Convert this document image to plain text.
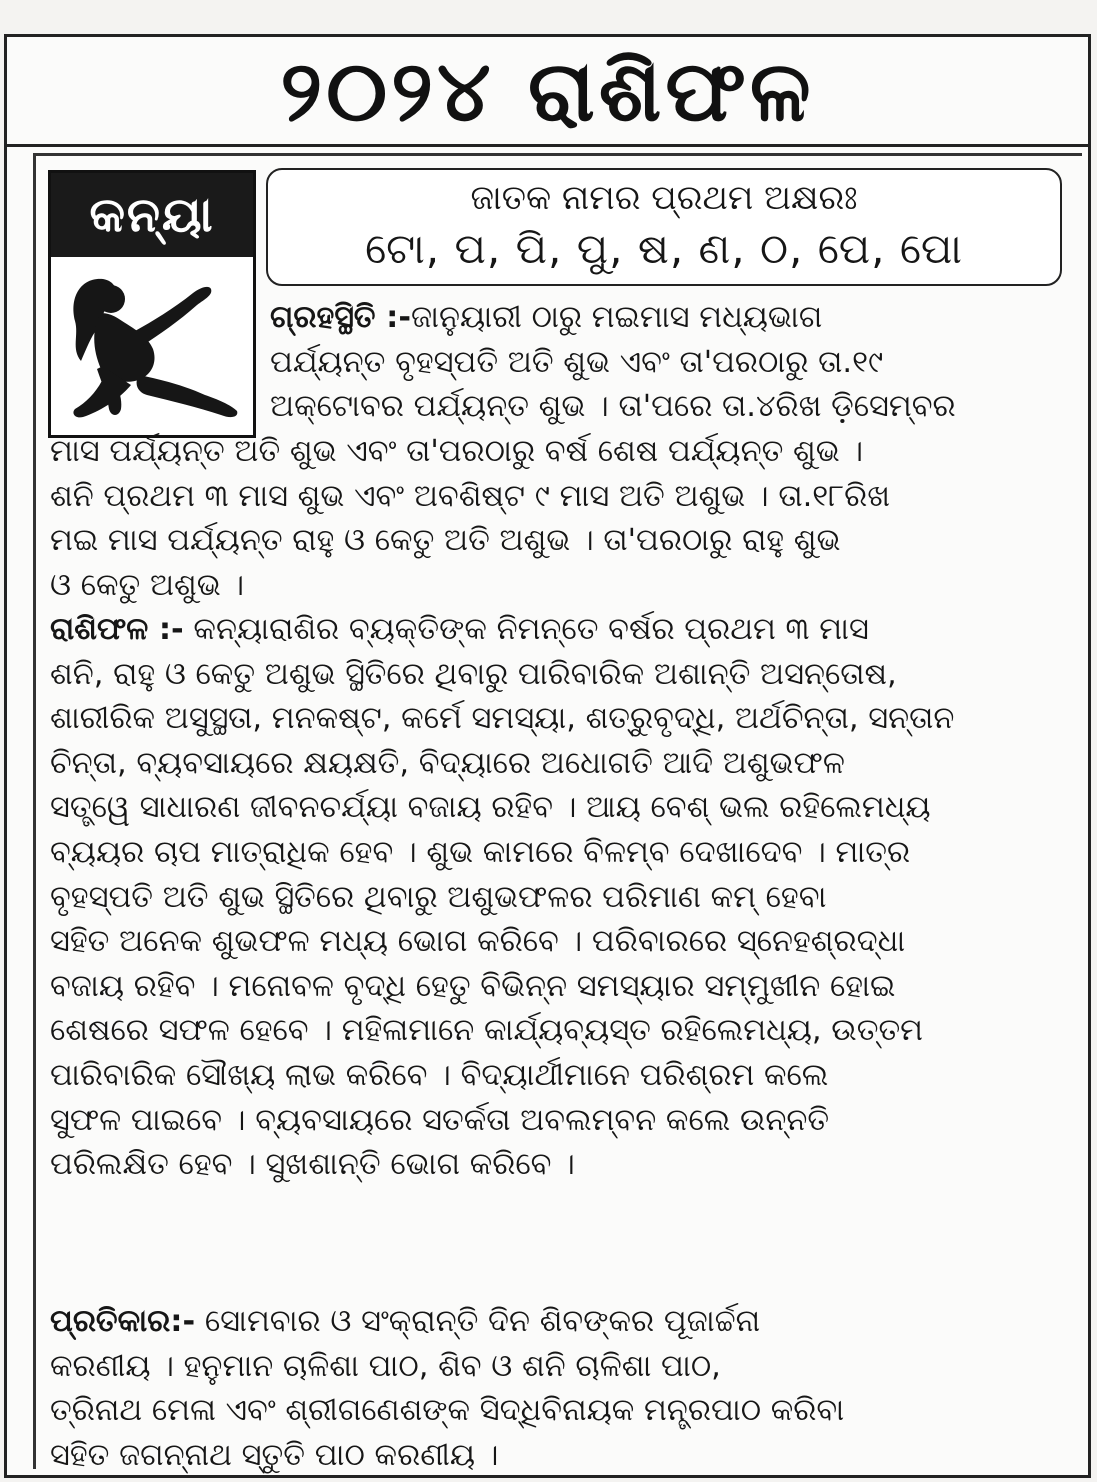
୨୦୨୪ ରାଶିଫଳ
କନ୍ୟା	ଜାତକ ନାମର ପ୍ରଥମ ଅକ୍ଷରଃ
ଟୋ, ପ, ପି, ପୁ, ଷ, ଣ, ଠ, ପେ, ପୋ
ଗ୍ରହସ୍ଥିତି :-ଜାନୁୟାରୀ ଠାରୁ ମଇମାସ ମଧ୍ୟଭାଗ
ପର୍ଯ୍ୟନ୍ତ ବୃହସ୍ପତି ଅତି ଶୁଭ ଏବଂ ତା'ପରଠାରୁ ତା.୧୯
ଅକ୍ଟୋବର ପର୍ଯ୍ୟନ୍ତ ଶୁଭ । ତା'ପରେ ତା.୪ରିଖ ଡ଼ିସେମ୍ବର
ମାସ ପର୍ଯ୍ୟନ୍ତ ଅତି ଶୁଭ ଏବଂ ତା'ପରଠାରୁ ବର୍ଷ ଶେଷ ପର୍ଯ୍ୟନ୍ତ ଶୁଭ ।
ଶନି ପ୍ରଥମ ୩ ମାସ ଶୁଭ ଏବଂ ଅବଶିଷ୍ଟ ୯ ମାସ ଅତି ଅଶୁଭ । ତା.୧୮ରିଖ
ମଇ ମାସ ପର୍ଯ୍ୟନ୍ତ ରାହୁ ଓ କେତୁ ଅତି ଅଶୁଭ । ତା'ପରଠାରୁ ରାହୁ ଶୁଭ
ଓ କେତୁ ଅଶୁଭ ।
ରାଶିଫଳ :- କନ୍ୟାରାଶିର ବ୍ୟକ୍ତିଙ୍କ ନିମନ୍ତେ ବର୍ଷର ପ୍ରଥମ ୩ ମାସ
ଶନି, ରାହୁ ଓ କେତୁ ଅଶୁଭ ସ୍ଥିତିରେ ଥିବାରୁ ପାରିବାରିକ ଅଶାନ୍ତି ଅସନ୍ତୋଷ,
ଶାରୀରିକ ଅସୁସ୍ଥତା, ମନକଷ୍ଟ, କର୍ମେ ସମସ୍ୟା, ଶତ୍ରୁବୃଦ୍ଧି, ଅର୍ଥଚିନ୍ତା, ସନ୍ତାନ
ଚିନ୍ତା, ବ୍ୟବସାୟରେ କ୍ଷୟକ୍ଷତି, ବିଦ୍ୟାରେ ଅଧୋଗତି ଆଦି ଅଶୁଭଫଳ
ସତ୍ତ୍ୱେ ସାଧାରଣ ଜୀବନଚର୍ଯ୍ୟା ବଜାୟ ରହିବ । ଆୟ ବେଶ୍ ଭଲ ରହିଲେମଧ୍ୟ
ବ୍ୟୟର ଚାପ ମାତ୍ରାଧିକ ହେବ । ଶୁଭ କାମରେ ବିଳମ୍ବ ଦେଖାଦେବ । ମାତ୍ର
ବୃହସ୍ପତି ଅତି ଶୁଭ ସ୍ଥିତିରେ ଥିବାରୁ ଅଶୁଭଫଳର ପରିମାଣ କମ୍ ହେବା
ସହିତ ଅନେକ ଶୁଭଫଳ ମଧ୍ୟ ଭୋଗ କରିବେ । ପରିବାରରେ ସ୍ନେହଶ୍ରଦ୍ଧା
ବଜାୟ ରହିବ । ମନୋବଳ ବୃଦ୍ଧି ହେତୁ ବିଭିନ୍ନ ସମସ୍ୟାର ସମ୍ମୁଖୀନ ହୋଇ
ଶେଷରେ ସଫଳ ହେବେ । ମହିଳାମାନେ କାର୍ଯ୍ୟବ୍ୟସ୍ତ ରହିଲେମଧ୍ୟ, ଉତ୍ତମ
ପାରିବାରିକ ସୌଖ୍ୟ ଲାଭ କରିବେ । ବିଦ୍ୟାର୍ଥୀମାନେ ପରିଶ୍ରମ କଲେ
ସୁଫଳ ପାଇବେ । ବ୍ୟବସାୟରେ ସତର୍କତା ଅବଲମ୍ବନ କଲେ ଉନ୍ନତି
ପରିଲକ୍ଷିତ ହେବ । ସୁଖଶାନ୍ତି ଭୋଗ କରିବେ ।
ପ୍ରତିକାର:- ସୋମବାର ଓ ସଂକ୍ରାନ୍ତି ଦିନ ଶିବଙ୍କର ପୂଜାର୍ଚ୍ଚନା
କରଣୀୟ । ହନୁମାନ ଚାଳିଶା ପାଠ, ଶିବ ଓ ଶନି ଚାଳିଶା ପାଠ,
ତ୍ରିନାଥ ମେଳା ଏବଂ ଶ୍ରୀଗଣେଶଙ୍କ ସିଦ୍ଧିବିନାୟକ ମନ୍ତ୍ରପାଠ କରିବା
ସହିତ ଜଗନ୍ନାଥ ସ୍ତୁତି ପାଠ କରଣୀୟ ।
